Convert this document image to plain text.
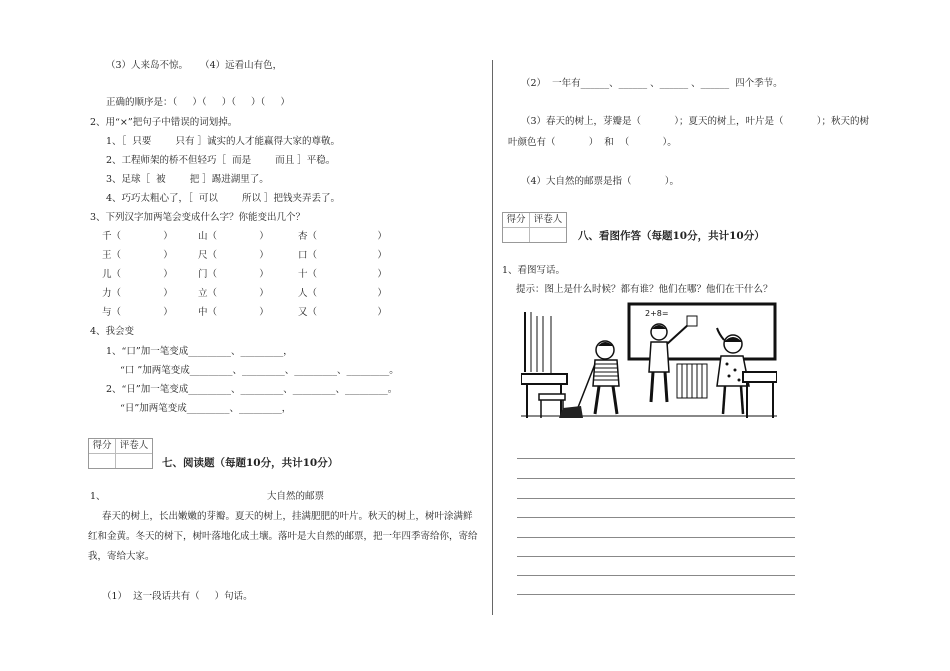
（3）人来岛不惊。    （4）远看山有色，
正确的顺序是：（     ）（     ）（     ）（     ）
2、用“×”把句子中错误的词划掉。
1、［  只要        只有 ］诚实的人才能赢得大家的尊敬。
2、工程师架的桥不但轻巧［  而是        而且 ］平稳。
3、足球［  被        把 ］踢进湖里了。
4、巧巧太粗心了，［  可以        所以 ］把钱夹弄丢了。
3、下列汉字加两笔会变成什么字？你能变出几个？
千（              ）	山（              ）	杏（                    ）
王（              ）	尺（              ）	口（                    ）
儿（              ）	门（              ）	十（                    ）
力（              ）	立（              ）	人（                    ）
与（              ）	中（              ）	又（                    ）
4、我会变
1、“口”加一笔变成_________、_________，
“口 ”加两笔变成_________、_________、_________、_________。
2、“日”加一笔变成_________、_________、_________、_________。
“日”加两笔变成_________、_________，
得分 评卷人
七、阅读题（每题10分，共计10分）
1、	大自然的邮票
春天的树上，长出嫩嫩的芽瓣。夏天的树上，挂满肥肥的叶片。秋天的树上，树叶涂满鲜
红和金黄。冬天的树下，树叶落地化成土壤。落叶是大自然的邮票，把一年四季寄给你，寄给
我，寄给大家。
（1）  这一段话共有（     ）句话。
（2）  一年有______、______ 、______ 、______  四个季节。
（3）春天的树上，芽瓣是（           ）；夏天的树上，叶片是（           ）；秋天的树
叶颜色有（           ）  和  （           ）。
（4）大自然的邮票是指（           ）。
得分 评卷人
八、看图作答（每题10分，共计10分）
1、看图写话。
提示：图上是什么时候？都有谁？他们在哪？他们在干什么？
2+8=
